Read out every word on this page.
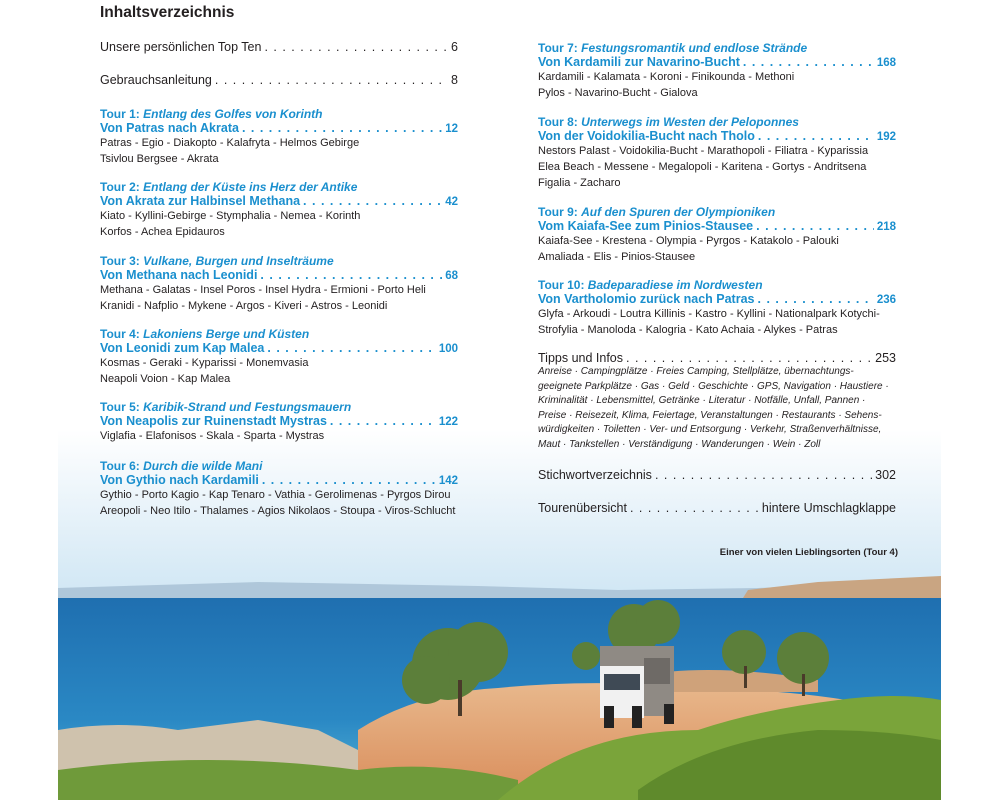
Inhaltsverzeichnis
Unsere persönlichen Top Ten . . .	6
Gebrauchsanleitung . . .	8
Tour 1: Entlang des Golfes von Korinth
Von Patras nach Akrata . . .	12
Patras - Egio - Diakopto - Kalafryta - Helmos Gebirge
Tsivlou Bergsee - Akrata
Tour 2: Entlang der Küste ins Herz der Antike
Von Akrata zur Halbinsel Methana . . .	42
Kiato - Kyllini-Gebirge - Stymphalia - Nemea - Korinth
Korfos - Achea Epidauros
Tour 3: Vulkane, Burgen und Inselträume
Von Methana nach Leonidi . . .	68
Methana - Galatas - Insel Poros - Insel Hydra - Ermioni - Porto Heli
Kranidi - Nafplio - Mykene - Argos - Kiveri - Astros - Leonidi
Tour 4: Lakoniens Berge und Küsten
Von Leonidi zum Kap Malea . . .	100
Kosmas - Geraki - Kyparissi - Monemvasia
Neapoli Voion - Kap Malea
Tour 5: Karibik-Strand und Festungsmauern
Von Neapolis zur Ruinenstadt Mystras . . .	122
Viglafia - Elafonisos - Skala - Sparta - Mystras
Tour 6: Durch die wilde Mani
Von Gythio nach Kardamili . . .	142
Gythio - Porto Kagio - Kap Tenaro - Vathia - Gerolimenas - Pyrgos Dirou
Areopoli - Neo Itilo - Thalames - Agios Nikolaos - Stoupa - Viros-Schlucht
Tour 7: Festungsromantik und endlose Strände
Von Kardamili zur Navarino-Bucht . . .	168
Kardamili - Kalamata - Koroni - Finikounda - Methoni
Pylos - Navarino-Bucht - Gialova
Tour 8: Unterwegs im Westen der Peloponnes
Von der Voidokilia-Bucht nach Tholo . . .	192
Nestors Palast - Voidokilia-Bucht - Marathopoli - Filiatra - Kyparissia
Elea Beach - Messene - Megalopoli - Karitena - Gortys - Andritsena
Figalia - Zacharo
Tour 9: Auf den Spuren der Olympioniken
Vom Kaiafa-See zum Pinios-Stausee . . .	218
Kaiafa-See - Krestena - Olympia - Pyrgos - Katakolo - Palouki
Amaliada - Elis - Pinios-Stausee
Tour 10: Badeparadiese im Nordwesten
Von Vartholomio zurück nach Patras . . .	236
Glyfa - Arkoudi - Loutra Killinis - Kastro - Kyllini - Nationalpark Kotychi-
Strofylia - Manoloda - Kalogria - Kato Achaia - Alykes - Patras
Tipps und Infos . . .	253
Anreise · Campingplätze · Freies Camping, Stellplätze, übernachtungs-
geeignete Parkplätze · Gas · Geld · Geschichte · GPS, Navigation · Haustiere ·
Kriminalität · Lebensmittel, Getränke · Literatur · Notfälle, Unfall, Pannen ·
Preise · Reisezeit, Klima, Feiertage, Veranstaltungen · Restaurants · Sehens-
würdigkeiten · Toiletten · Ver- und Entsorgung · Verkehr, Straßenverhältnisse,
Maut · Tankstellen · Verständigung · Wanderungen · Wein · Zoll
Stichwortverzeichnis . . .	302
Tourenübersicht . . .	hintere Umschlagklappe
Einer von vielen Lieblingsorten (Tour 4)
